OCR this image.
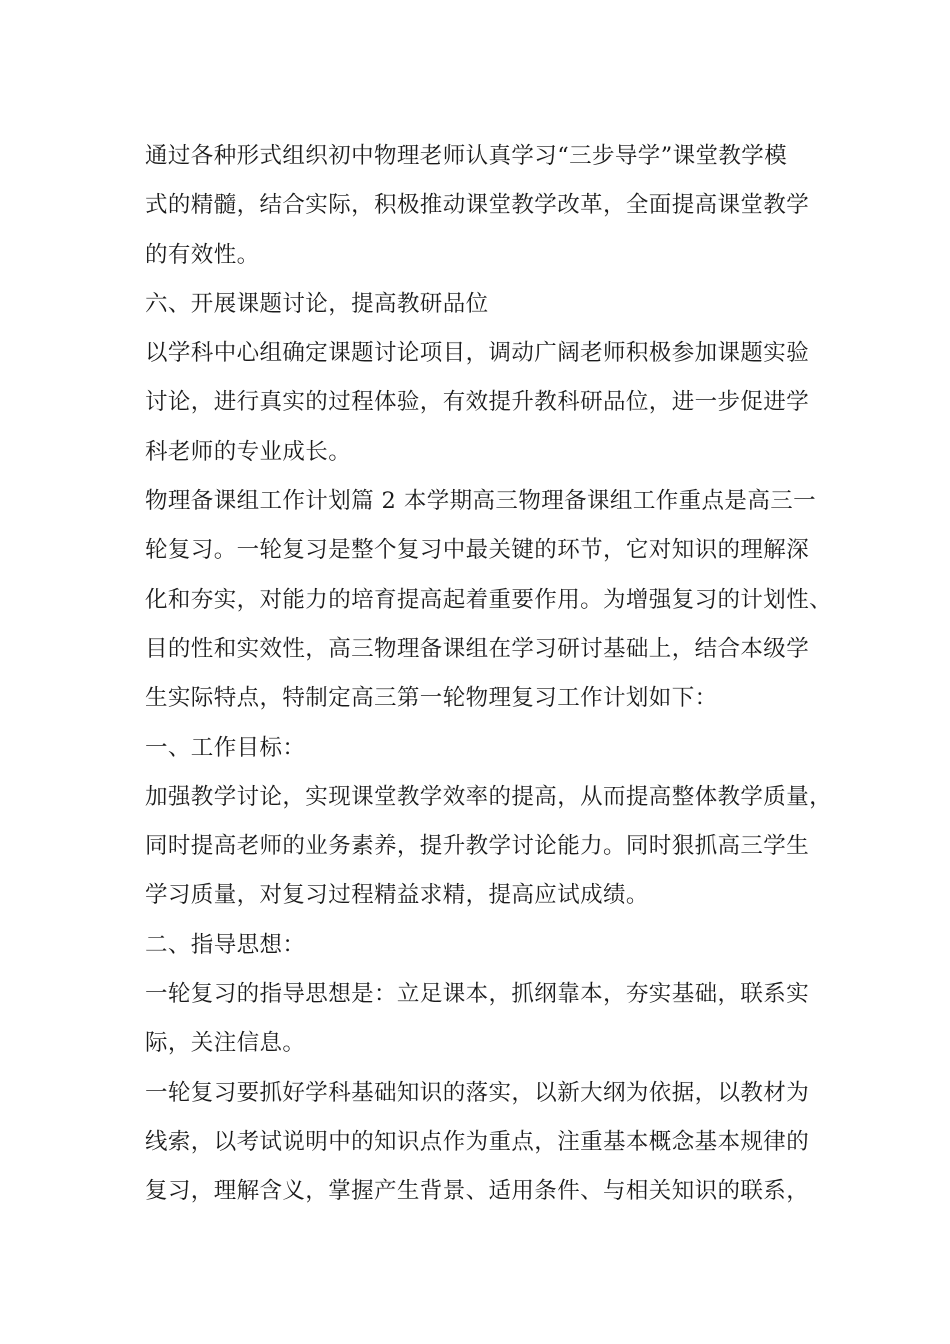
通过各种形式组织初中物理老师认真学习“三步导学”课堂教学模
式的精髓，结合实际，积极推动课堂教学改革，全面提高课堂教学
的有效性。
六、开展课题讨论，提高教研品位
以学科中心组确定课题讨论项目，调动广阔老师积极参加课题实验
讨论，进行真实的过程体验，有效提升教科研品位，进一步促进学
科老师的专业成长。
物理备课组工作计划篇 2 本学期高三物理备课组工作重点是高三一
轮复习。一轮复习是整个复习中最关键的环节，它对知识的理解深
化和夯实，对能力的培育提高起着重要作用。为增强复习的计划性、
目的性和实效性，高三物理备课组在学习研讨基础上，结合本级学
生实际特点，特制定高三第一轮物理复习工作计划如下：
一、工作目标：
加强教学讨论，实现课堂教学效率的提高，从而提高整体教学质量，
同时提高老师的业务素养，提升教学讨论能力。同时狠抓高三学生
学习质量，对复习过程精益求精，提高应试成绩。
二、指导思想：
一轮复习的指导思想是：立足课本，抓纲靠本，夯实基础，联系实
际，关注信息。
一轮复习要抓好学科基础知识的落实，以新大纲为依据，以教材为
线索，以考试说明中的知识点作为重点，注重基本概念基本规律的
复习，理解含义，掌握产生背景、适用条件、与相关知识的联系，
